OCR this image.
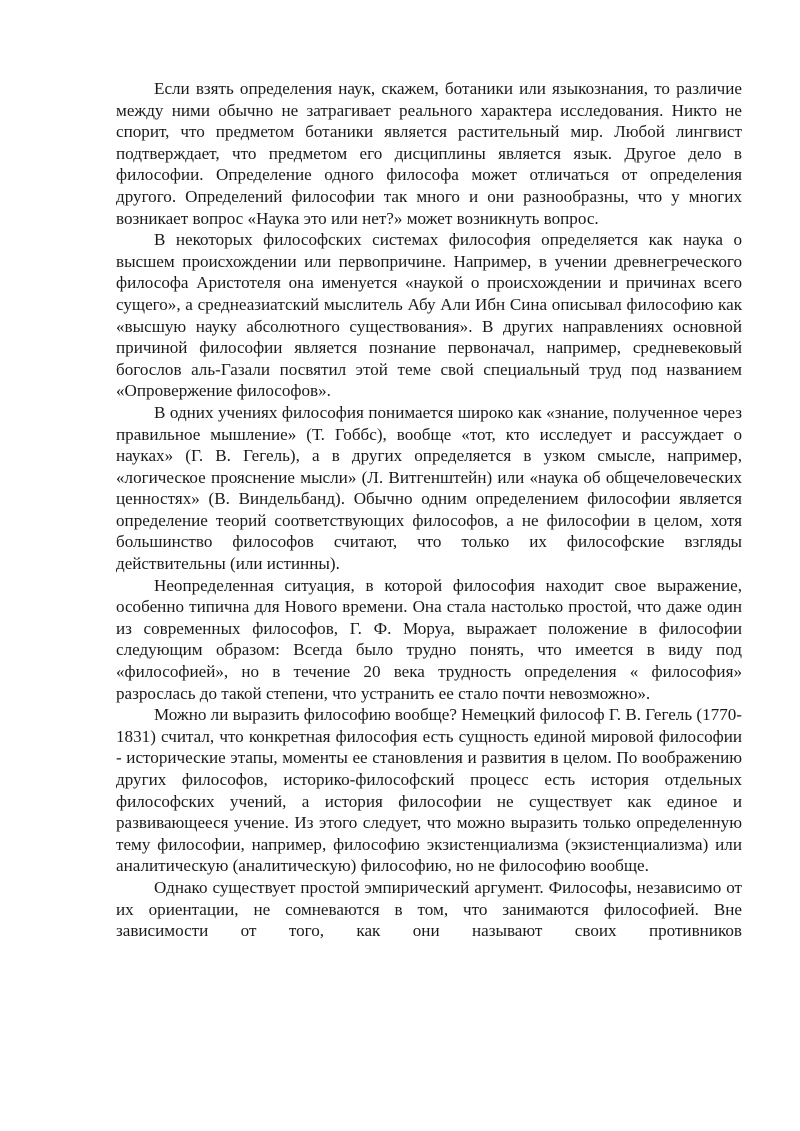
Если взять определения наук, скажем, ботаники или языкознания, то различие между ними обычно не затрагивает реального характера исследования. Никто не спорит, что предметом ботаники является растительный мир. Любой лингвист подтверждает, что предметом его дисциплины является язык. Другое дело в философии. Определение одного философа может отличаться от определения другого. Определений философии так много и они разнообразны, что у многих возникает вопрос «Наука это или нет?» может возникнуть вопрос.

В некоторых философских системах философия определяется как наука о высшем происхождении или первопричине. Например, в учении древнегреческого философа Аристотеля она именуется «наукой о происхождении и причинах всего сущего», а среднеазиатский мыслитель Абу Али Ибн Сина описывал философию как «высшую науку абсолютного существования». В других направлениях основной причиной философии является познание первоначал, например, средневековый богослов аль-Газали посвятил этой теме свой специальный труд под названием «Опровержение философов».

В одних учениях философия понимается широко как «знание, полученное через правильное мышление» (Т. Гоббс), вообще «тот, кто исследует и рассуждает о науках» (Г. В. Гегель), а в других определяется в узком смысле, например, «логическое прояснение мысли» (Л. Витгенштейн) или «наука об общечеловеческих ценностях» (В. Виндельбанд). Обычно одним определением философии является определение теорий соответствующих философов, а не философии в целом, хотя большинство философов считают, что только их философские взгляды действительны (или истинны).

Неопределенная ситуация, в которой философия находит свое выражение, особенно типична для Нового времени. Она стала настолько простой, что даже один из современных философов, Г. Ф. Моруа, выражает положение в философии следующим образом: Всегда было трудно понять, что имеется в виду под «философией», но в течение 20 века трудность определения « философия» разрослась до такой степени, что устранить ее стало почти невозможно».

Можно ли выразить философию вообще? Немецкий философ Г. В. Гегель (1770-1831) считал, что конкретная философия есть сущность единой мировой философии - исторические этапы, моменты ее становления и развития в целом. По воображению других философов, историко-философский процесс есть история отдельных философских учений, а история философии не существует как единое и развивающееся учение. Из этого следует, что можно выразить только определенную тему философии, например, философию экзистенциализма (экзистенциализма) или аналитическую (аналитическую) философию, но не философию вообще.

Однако существует простой эмпирический аргумент. Философы, независимо от их ориентации, не сомневаются в том, что занимаются философией. Вне зависимости от того, как они называют своих противников
